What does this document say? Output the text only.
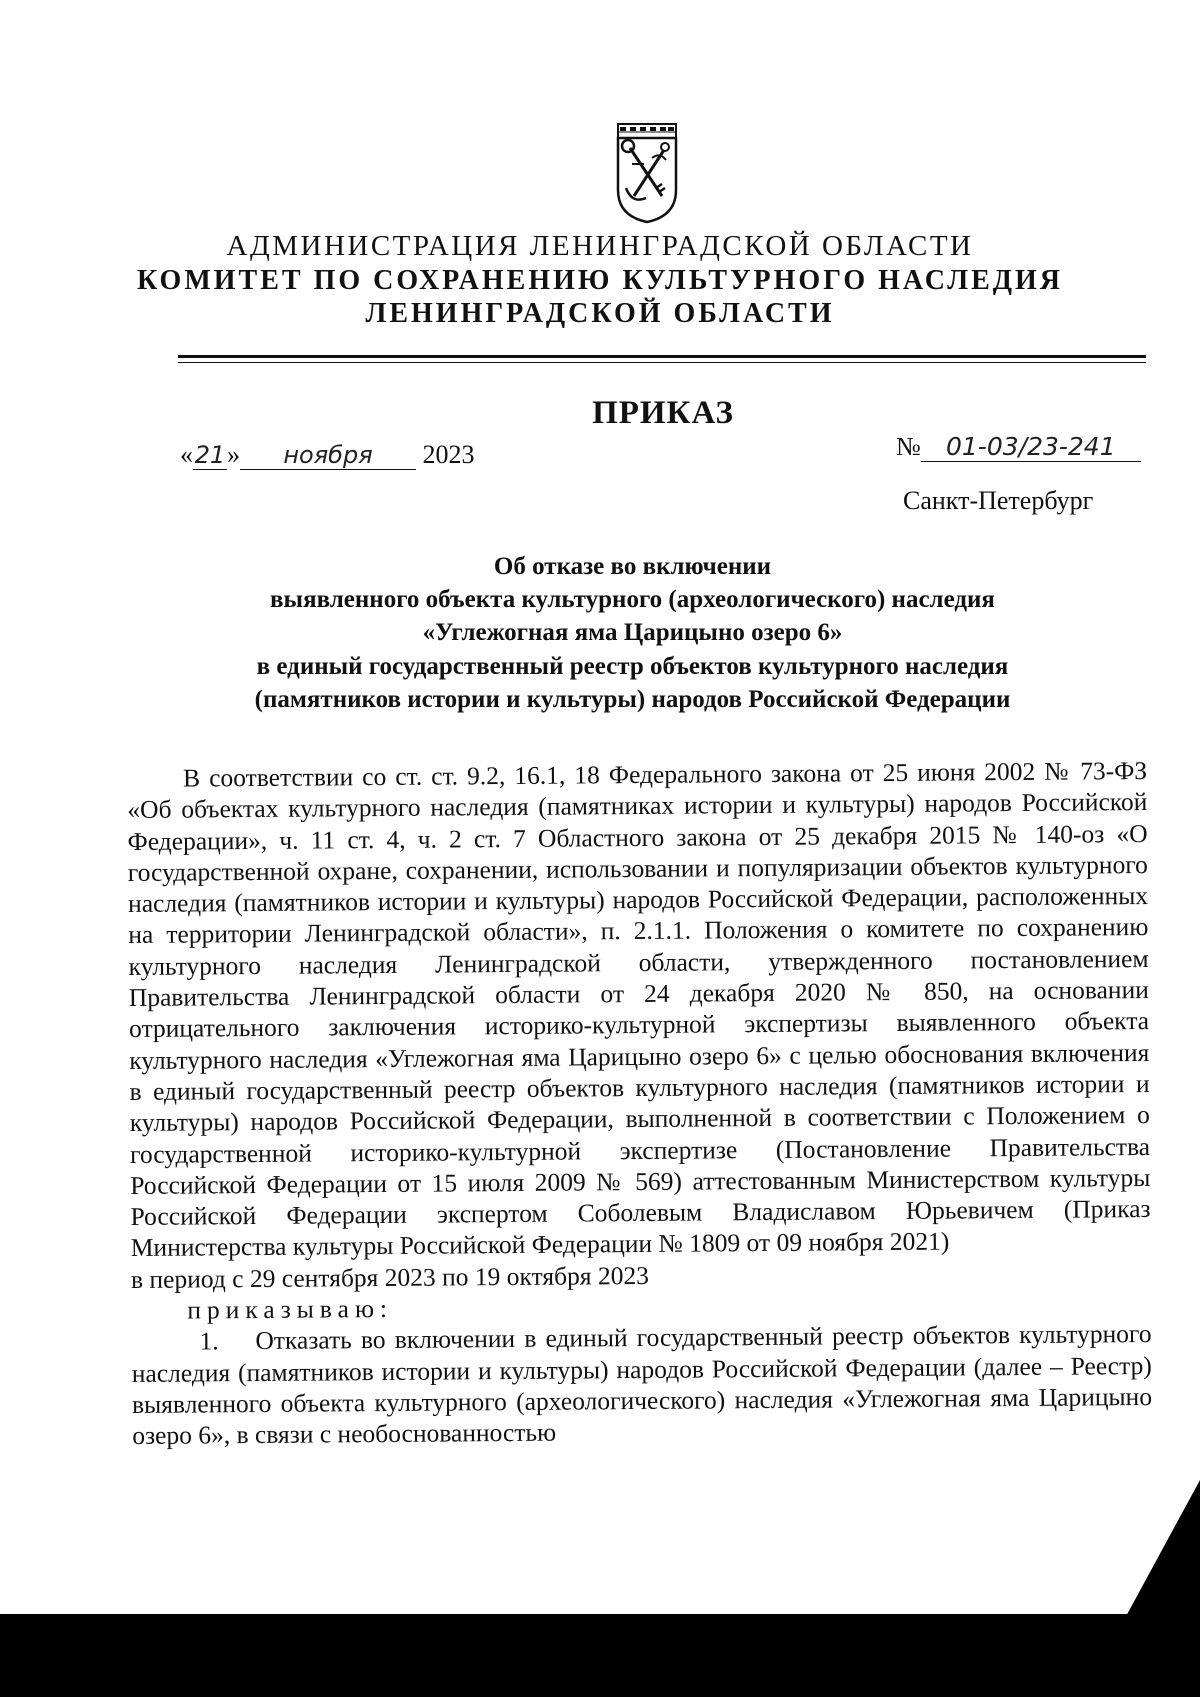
АДМИНИСТРАЦИЯ ЛЕНИНГРАДСКОЙ ОБЛАСТИ
КОМИТЕТ ПО СОХРАНЕНИЮ КУЛЬТУРНОГО НАСЛЕДИЯ
ЛЕНИНГРАДСКОЙ ОБЛАСТИ
ПРИКАЗ
«21» ноября 2023	№ 01-03/23-241
Санкт-Петербург
Об отказе во включении
выявленного объекта культурного (археологического) наследия
«Углежогная яма Царицыно озеро 6»
в единый государственный реестр объектов культурного наследия
(памятников истории и культуры) народов Российской Федерации

В соответствии со ст. ст. 9.2, 16.1, 18 Федерального закона от 25 июня 2002 № 73-ФЗ «Об объектах культурного наследия (памятниках истории и культуры) народов Российской Федерации», ч. 11 ст. 4, ч. 2 ст. 7 Областного закона от 25 декабря 2015 № 140-оз «О государственной охране, сохранении, использовании и популяризации объектов культурного наследия (памятников истории и культуры) народов Российской Федерации, расположенных на территории Ленинградской области», п. 2.1.1. Положения о комитете по сохранению культурного наследия Ленинградской области, утвержденного постановлением Правительства Ленинградской области от 24 декабря 2020 № 850, на основании отрицательного заключения историко-культурной экспертизы выявленного объекта культурного наследия «Углежогная яма Царицыно озеро 6» с целью обоснования включения в единый государственный реестр объектов культурного наследия (памятников истории и культуры) народов Российской Федерации, выполненной в соответствии с Положением о государственной историко-культурной экспертизе (Постановление Правительства Российской Федерации от 15 июля 2009 № 569) аттестованным Министерством культуры Российской Федерации экспертом Соболевым Владиславом Юрьевичем (Приказ Министерства культуры Российской Федерации № 1809 от 09 ноября 2021)

в период с 29 сентября 2023 по 19 октября 2023

приказываю:

1. Отказать во включении в единый государственный реестр объектов культурного наследия (памятников истории и культуры) народов Российской Федерации (далее – Реестр) выявленного объекта культурного (археологического) наследия «Углежогная яма Царицыно озеро 6», в связи с необоснованностью
